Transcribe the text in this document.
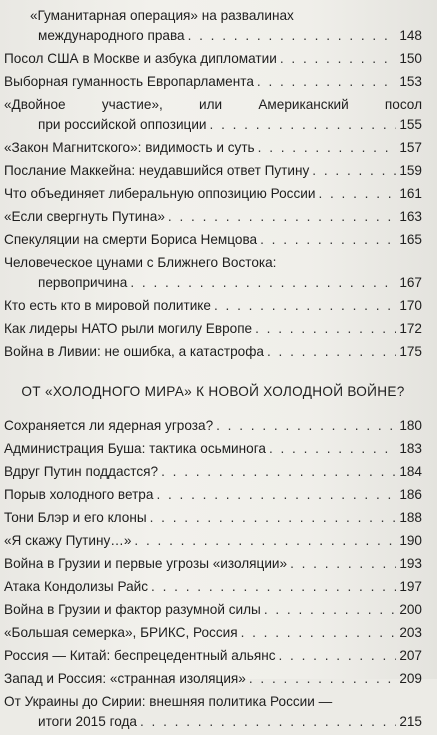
«Гуманитарная операция» на развалинах
международного права . . .	148
Посол США в Москве и азбука дипломатии . . .	150
Выборная гуманность Европарламента . . .	153
«Двойное участие», или Американский посол
при российской оппозиции . . .	155
«Закон Магнитского»: видимость и суть . . .	157
Послание Маккейна: неудавшийся ответ Путину . . .	159
Что объединяет либеральную оппозицию России . . .	161
«Если свергнуть Путина» . . .	163
Спекуляции на смерти Бориса Немцова . . .	165
Человеческое цунами с Ближнего Востока:
первопричина . . .	167
Кто есть кто в мировой политике . . .	170
Как лидеры НАТО рыли могилу Европе . . .	172
Война в Ливии: не ошибка, а катастрофа . . .	175
ОТ «ХОЛОДНОГО МИРА» К НОВОЙ ХОЛОДНОЙ ВОЙНЕ?
Сохраняется ли ядерная угроза? . . .	180
Администрация Буша: тактика осьминога . . .	183
Вдруг Путин поддастся? . . .	184
Порыв холодного ветра . . .	186
Тони Блэр и его клоны . . .	188
«Я скажу Путину…» . . .	190
Война в Грузии и первые угрозы «изоляции» . . .	193
Атака Кондолизы Райс . . .	197
Война в Грузии и фактор разумной силы . . .	200
«Большая семерка», БРИКС, Россия . . .	203
Россия — Китай: беспрецедентный альянс . . .	207
Запад и Россия: «странная изоляция» . . .	209
От Украины до Сирии: внешняя политика России —
итоги 2015 года . . .	215
